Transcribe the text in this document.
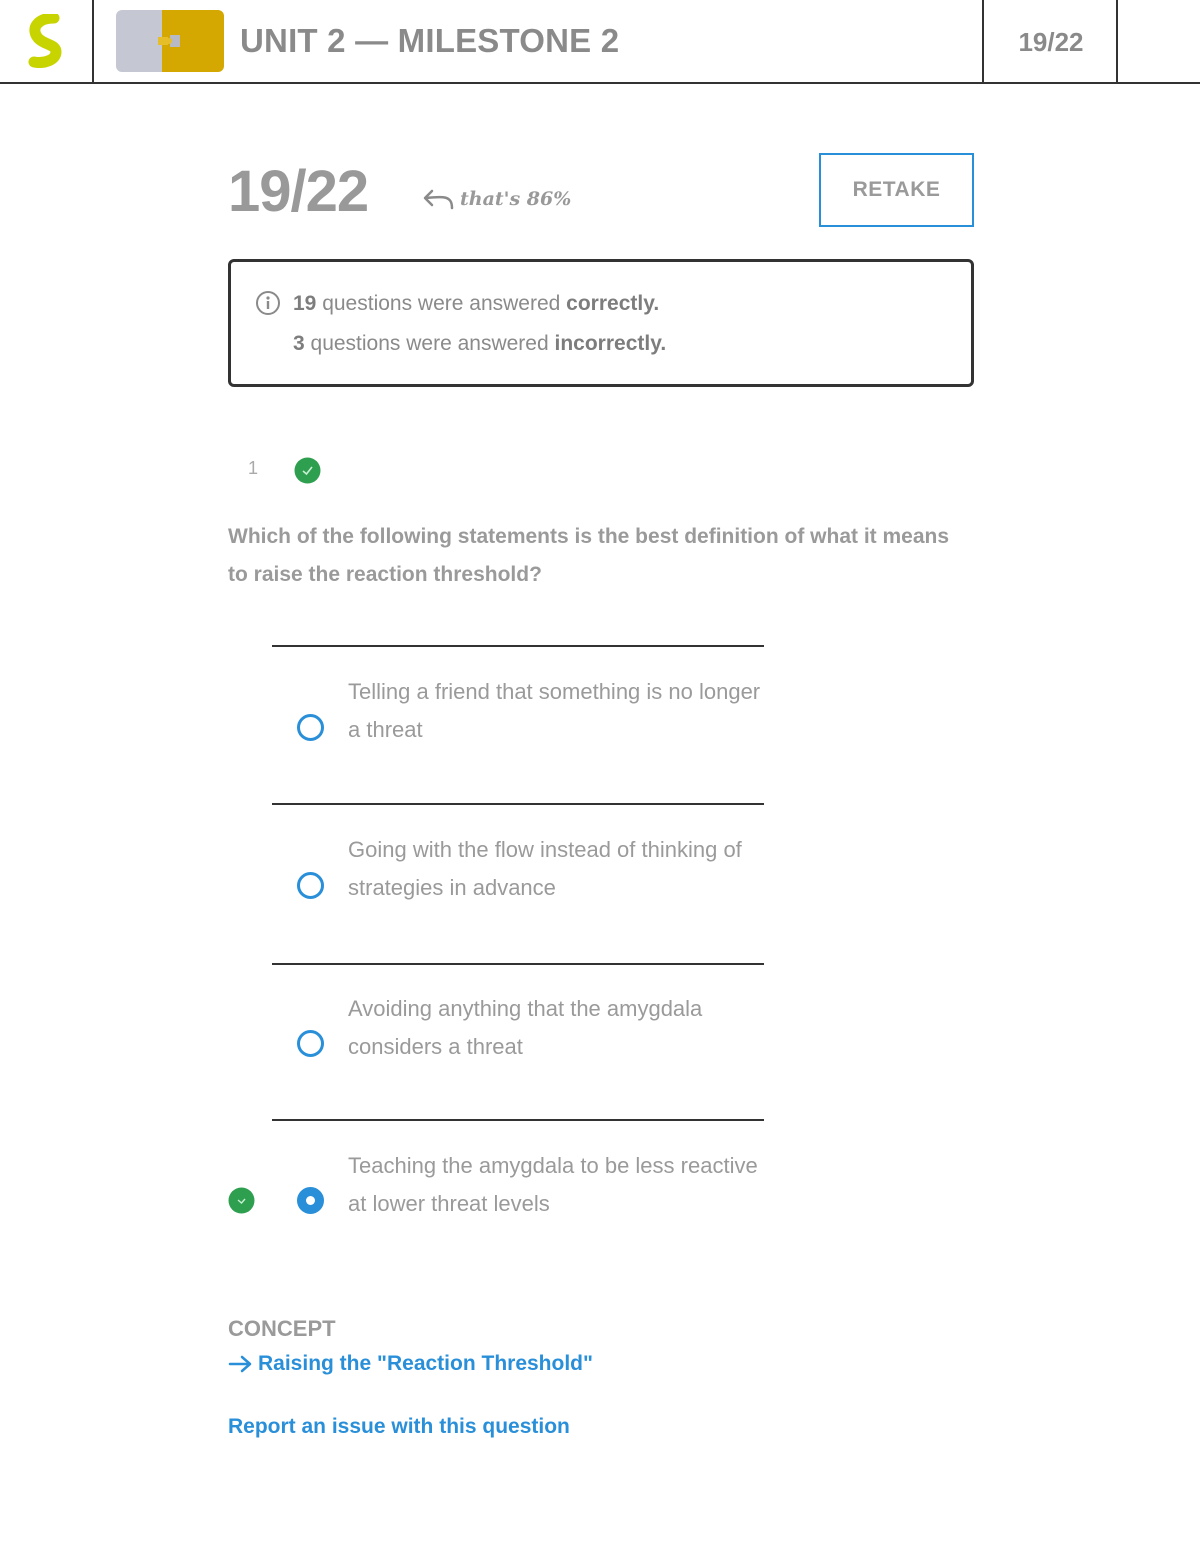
UNIT 2 — MILESTONE 2	19/22
19/22	that's 86%	RETAKE
19 questions were answered correctly.
3 questions were answered incorrectly.
1
Which of the following statements is the best definition of what it means to raise the reaction threshold?
Telling a friend that something is no longer a threat
Going with the flow instead of thinking of strategies in advance
Avoiding anything that the amygdala considers a threat
Teaching the amygdala to be less reactive at lower threat levels
CONCEPT
Raising the "Reaction Threshold"
Report an issue with this question
